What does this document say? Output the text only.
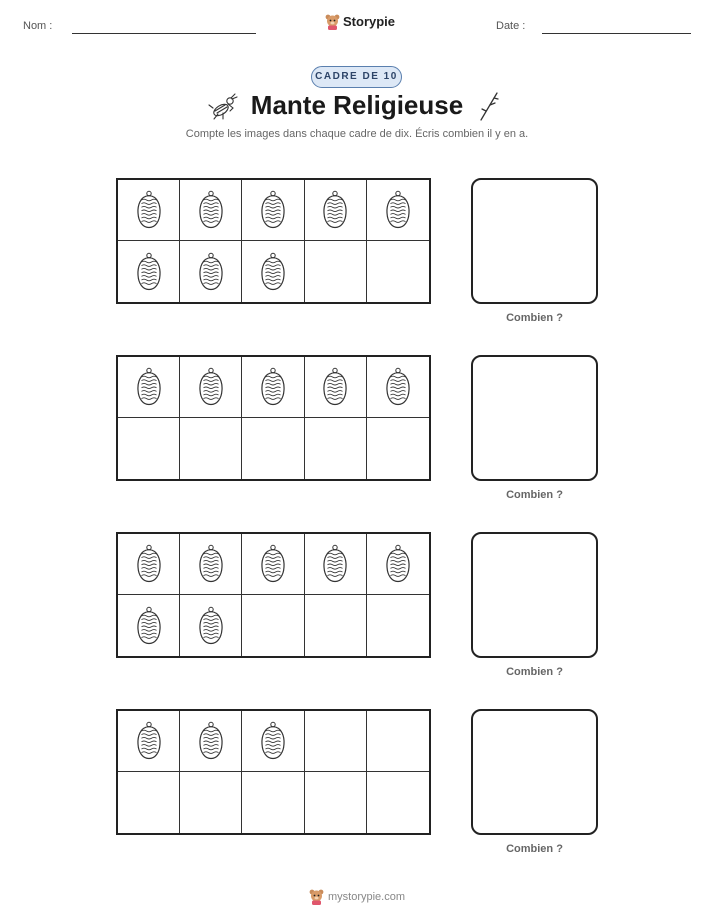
Nom :	Storypie	Date :
CADRE DE 10
Mante Religieuse
Compte les images dans chaque cadre de dix. Écris combien il y en a.
Combien ?
Combien ?
Combien ?
Combien ?
mystorypie.com
